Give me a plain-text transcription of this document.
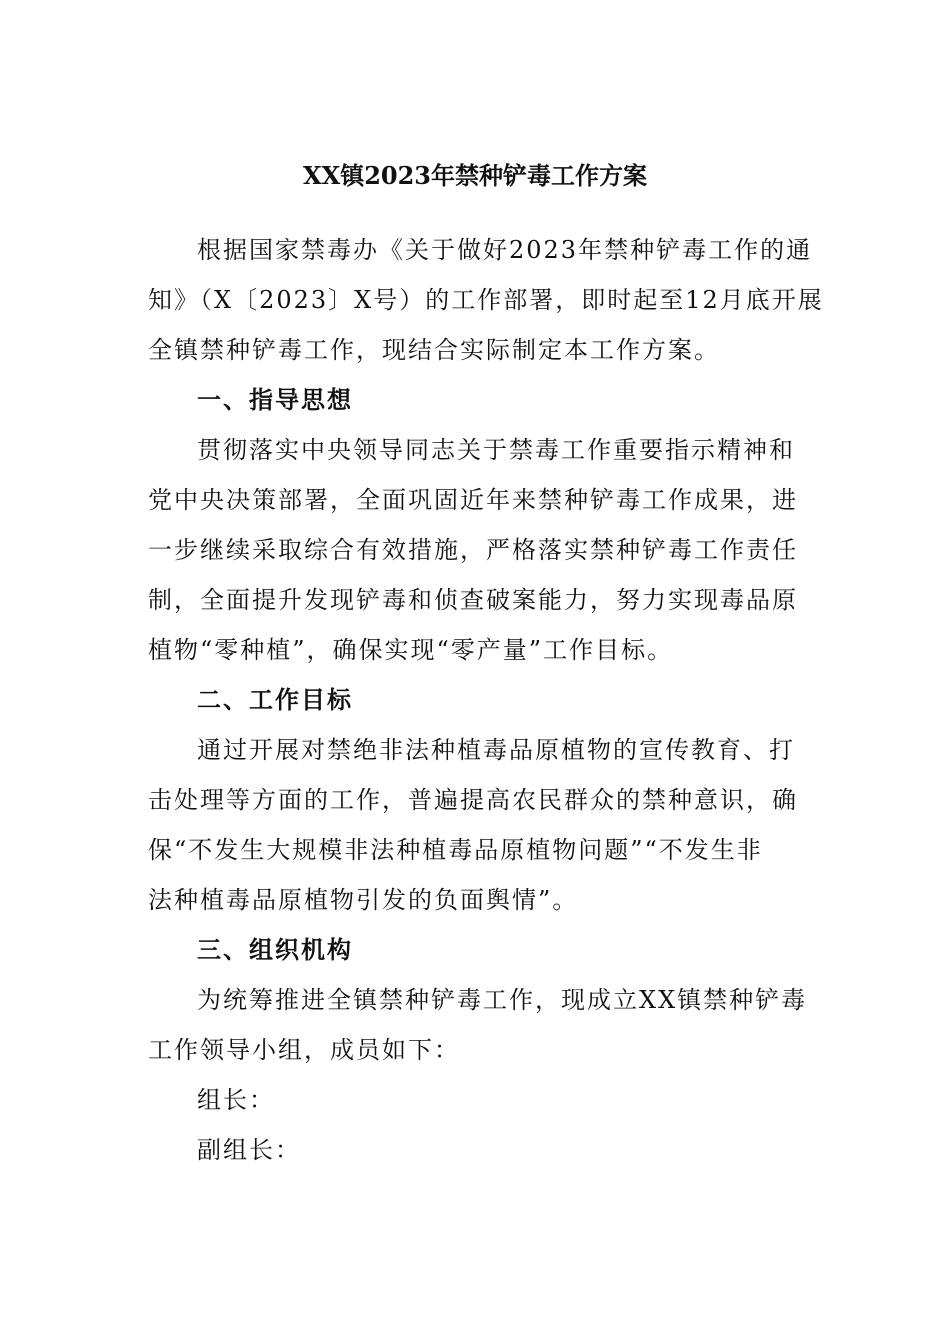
XX镇2023年禁种铲毒工作方案
根据国家禁毒办《关于做好2023年禁种铲毒工作的通
知》（X〔2023〕X号）的工作部署，即时起至12月底开展
全镇禁种铲毒工作，现结合实际制定本工作方案。
一、指导思想
贯彻落实中央领导同志关于禁毒工作重要指示精神和
党中央决策部署，全面巩固近年来禁种铲毒工作成果，进
一步继续采取综合有效措施，严格落实禁种铲毒工作责任
制，全面提升发现铲毒和侦查破案能力，努力实现毒品原
植物“零种植”，确保实现“零产量”工作目标。
二、工作目标
通过开展对禁绝非法种植毒品原植物的宣传教育、打
击处理等方面的工作，普遍提高农民群众的禁种意识，确
保“不发生大规模非法种植毒品原植物问题”“不发生非
法种植毒品原植物引发的负面舆情”。
三、组织机构
为统筹推进全镇禁种铲毒工作，现成立XX镇禁种铲毒
工作领导小组，成员如下：
组长：
副组长：
